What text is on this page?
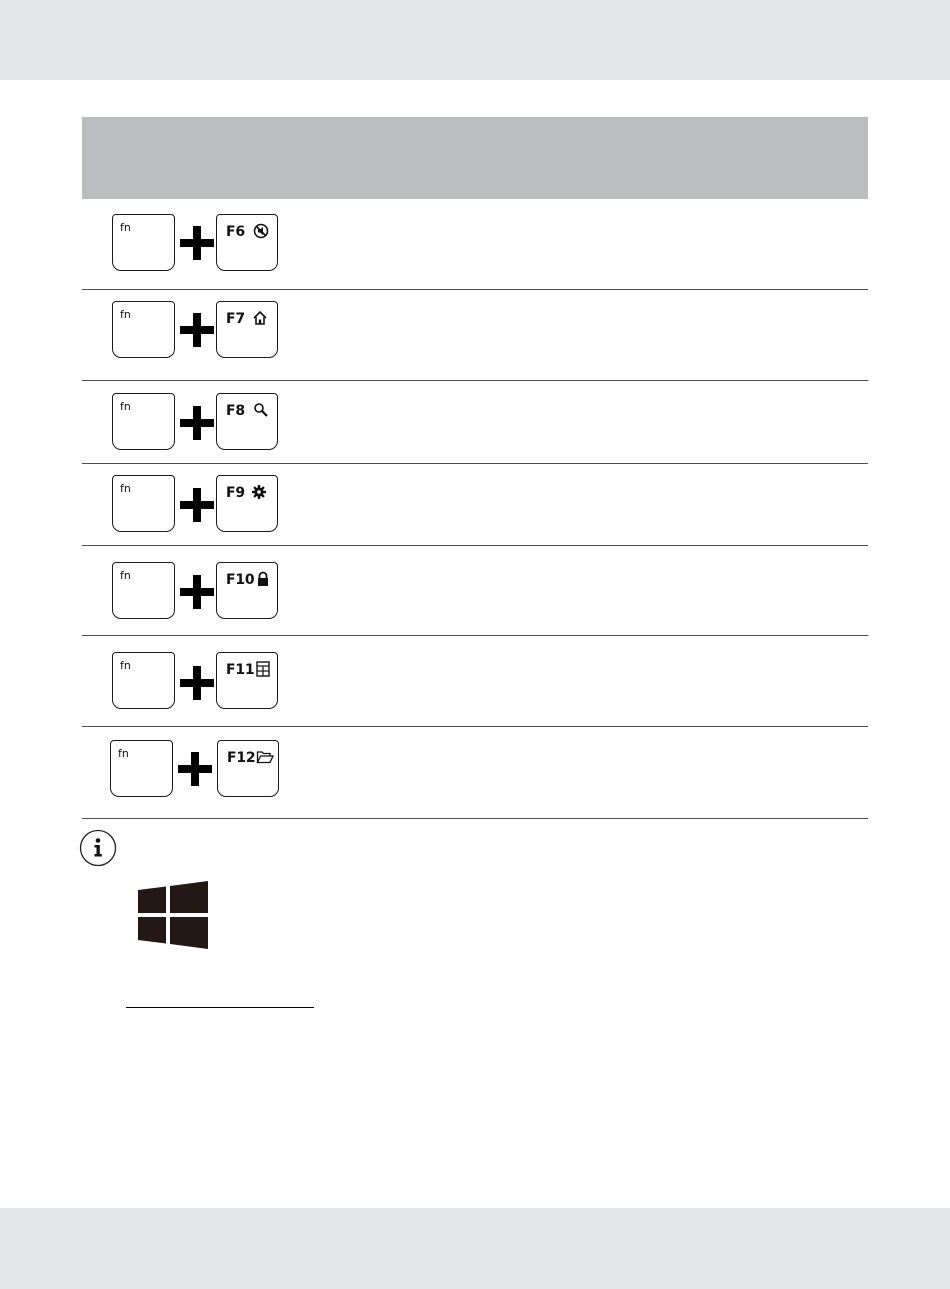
fn	F6
fn	F7
fn	F8
fn	F9
fn	F10
fn	F11
fn	F12
